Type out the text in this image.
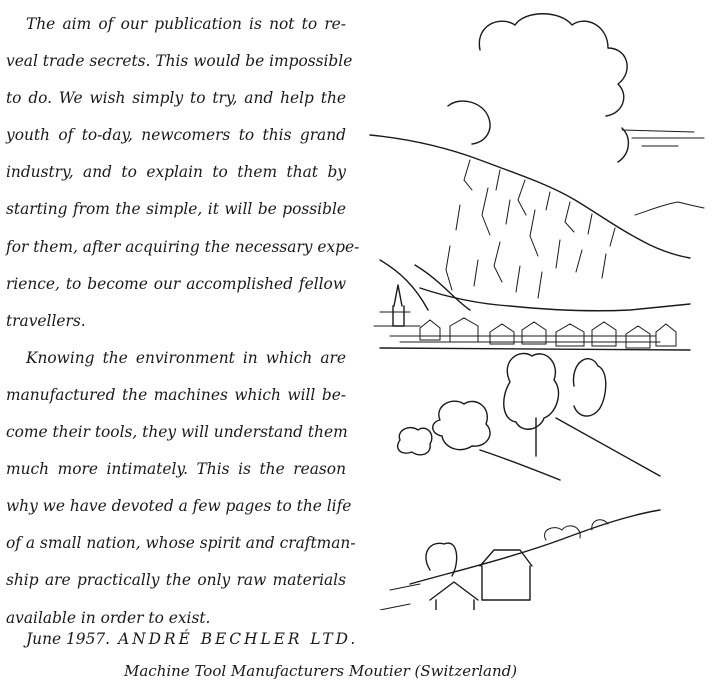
The aim of our publication is not to re-
veal trade secrets. This would be impossible
to do. We wish simply to try, and help the
youth of to-day, newcomers to this grand
industry, and to explain to them that by
starting from the simple, it will be possible
for them, after acquiring the necessary expe-
rience, to become our accomplished fellow
travellers.
Knowing the environment in which are
manufactured the machines which will be-
come their tools, they will understand them
much more intimately. This is the reason
why we have devoted a few pages to the life
of a small nation, whose spirit and craftman-
ship are practically the only raw materials
available in order to exist.
June 1957. ANDRÉ BECHLER LTD.
Machine Tool Manufacturers Moutier (Switzerland)
